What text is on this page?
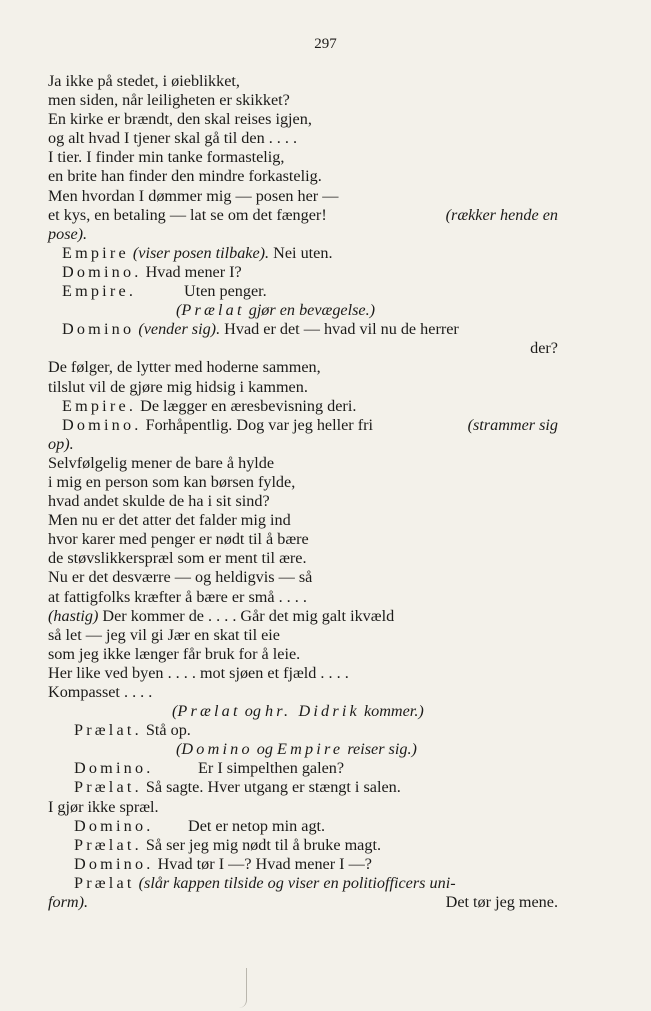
297
Ja ikke på stedet, i øieblikket,
men siden, når leiligheten er skikket?
En kirke er brændt, den skal reises igjen,
og alt hvad I tjener skal gå til den . . . .
I tier. I finder min tanke formastelig,
en brite han finder den mindre forkastelig.
Men hvordan I dømmer mig — posen her —
et kys, en betaling — lat se om det fænger!	(rækker hende en
pose).
Empire (viser posen tilbake). Nei uten.
Domino. Hvad mener I?
Empire.	Uten penger.
(Prælat gjør en bevægelse.)
Domino (vender sig). Hvad er det — hvad vil nu de herrer
der?
De følger, de lytter med hoderne sammen,
tilslut vil de gjøre mig hidsig i kammen.
Empire. De lægger en æresbevisning deri.
Domino. Forhåpentlig. Dog var jeg heller fri	(strammer sig
op).
Selvfølgelig mener de bare å hylde
i mig en person som kan børsen fylde,
hvad andet skulde de ha i sit sind?
Men nu er det atter det falder mig ind
hvor karer med penger er nødt til å bære
de støvslikkerspræl som er ment til ære.
Nu er det desværre — og heldigvis — så
at fattigfolks kræfter å bære er små . . . .
(hastig) Der kommer de . . . . Går det mig galt ikvæld
så let — jeg vil gi Jær en skat til eie
som jeg ikke længer får bruk for å leie.
Her like ved byen . . . . mot sjøen et fjæld . . . .
Kompasset . . . .
(Prælat og hr. Didrik kommer.)
Prælat. Stå op.
(Domino og Empire reiser sig.)
Domino.	Er I simpelthen galen?
Prælat. Så sagte. Hver utgang er stængt i salen.
I gjør ikke spræl.
Domino. Det er netop min agt.
Prælat. Så ser jeg mig nødt til å bruke magt.
Domino. Hvad tør I —? Hvad mener I —?
Prælat (slår kappen tilside og viser en politiofficers uni-
form).	Det tør jeg mene.
